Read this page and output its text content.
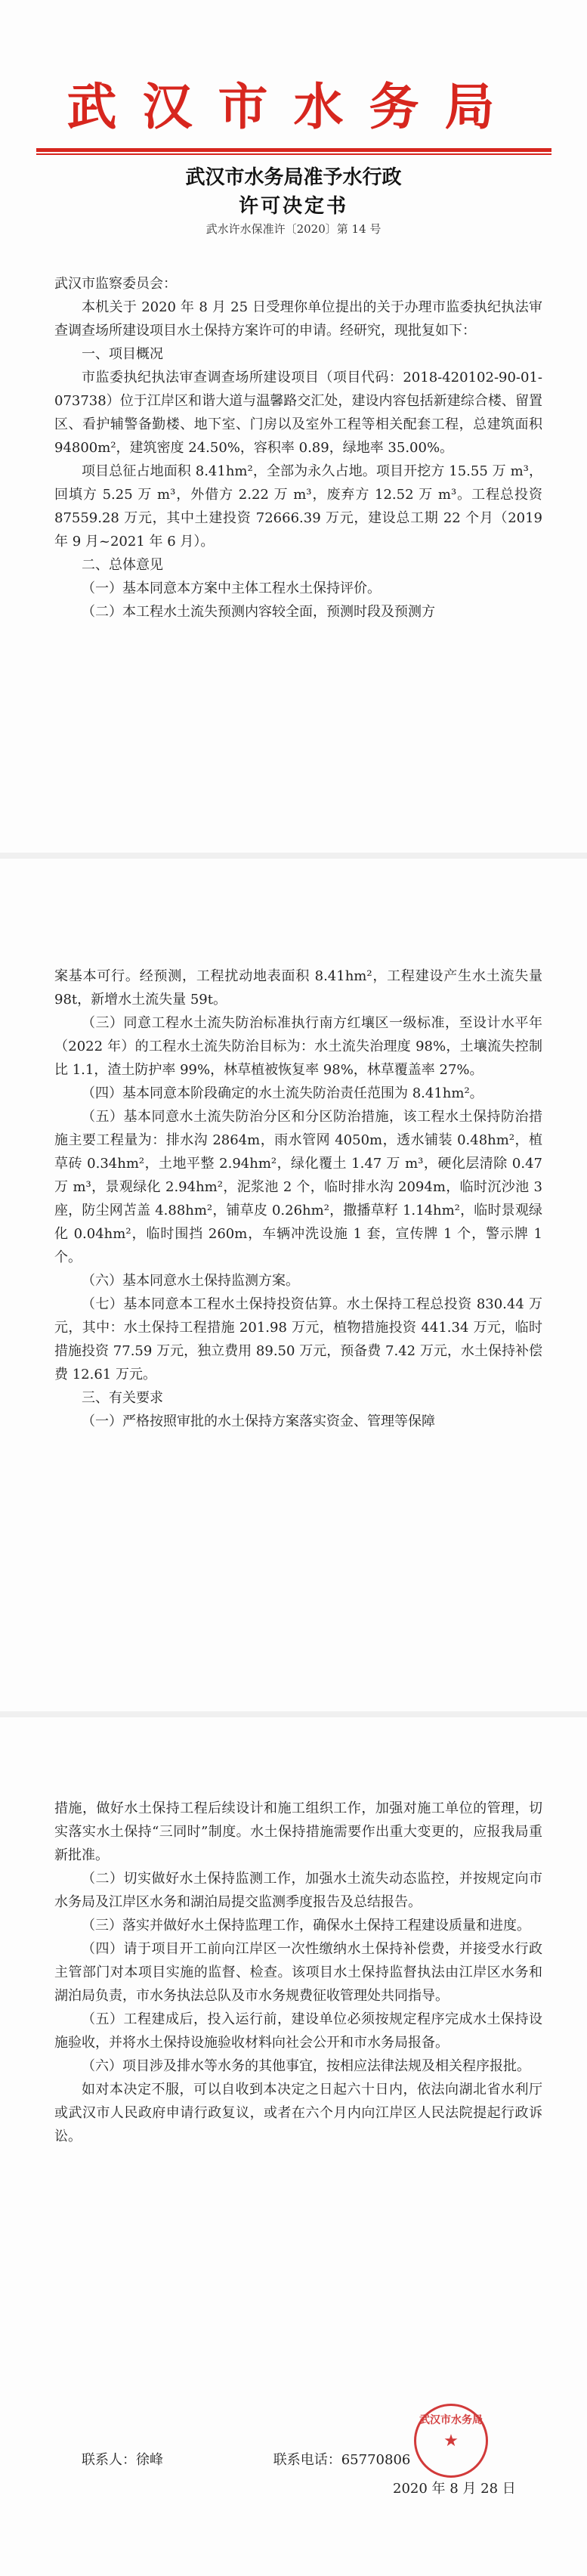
武汉市水务局
武汉市水务局准予水行政
许可决定书
武水许水保准许〔2020〕第 14 号

武汉市监察委员会：

本机关于 2020 年 8 月 25 日受理你单位提出的关于办理市监委执纪执法审查调查场所建设项目水土保持方案许可的申请。经研究，现批复如下：

一、项目概况

市监委执纪执法审查调查场所建设项目（项目代码：2018-420102-90-01-073738）位于江岸区和谐大道与温馨路交汇处，建设内容包括新建综合楼、留置区、看护辅警备勤楼、地下室、门房以及室外工程等相关配套工程，总建筑面积 94800m²，建筑密度 24.50%，容积率 0.89，绿地率 35.00%。

项目总征占地面积 8.41hm²，全部为永久占地。项目开挖方 15.55 万 m³，回填方 5.25 万 m³，外借方 2.22 万 m³，废弃方 12.52 万 m³。工程总投资 87559.28 万元，其中土建投资 72666.39 万元，建设总工期 22 个月（2019 年 9 月~2021 年 6 月）。

二、总体意见

（一）基本同意本方案中主体工程水土保持评价。

（二）本工程水土流失预测内容较全面，预测时段及预测方

案基本可行。经预测，工程扰动地表面积 8.41hm²，工程建设产生水土流失量 98t，新增水土流失量 59t。

（三）同意工程水土流失防治标准执行南方红壤区一级标准，至设计水平年（2022 年）的工程水土流失防治目标为：水土流失治理度 98%，土壤流失控制比 1.1，渣土防护率 99%，林草植被恢复率 98%，林草覆盖率 27%。

（四）基本同意本阶段确定的水土流失防治责任范围为 8.41hm²。

（五）基本同意水土流失防治分区和分区防治措施，该工程水土保持防治措施主要工程量为：排水沟 2864m，雨水管网 4050m，透水铺装 0.48hm²，植草砖 0.34hm²，土地平整 2.94hm²，绿化覆土 1.47 万 m³，硬化层清除 0.47 万 m³，景观绿化 2.94hm²，泥浆池 2 个，临时排水沟 2094m，临时沉沙池 3 座，防尘网苫盖 4.88hm²，铺草皮 0.26hm²，撒播草籽 1.14hm²，临时景观绿化 0.04hm²，临时围挡 260m，车辆冲洗设施 1 套，宣传牌 1 个，警示牌 1 个。

（六）基本同意水土保持监测方案。

（七）基本同意本工程水土保持投资估算。水土保持工程总投资 830.44 万元，其中：水土保持工程措施 201.98 万元，植物措施投资 441.34 万元，临时措施投资 77.59 万元，独立费用 89.50 万元，预备费 7.42 万元，水土保持补偿费 12.61 万元。

三、有关要求

（一）严格按照审批的水土保持方案落实资金、管理等保障

措施，做好水土保持工程后续设计和施工组织工作，加强对施工单位的管理，切实落实水土保持“三同时”制度。水土保持措施需要作出重大变更的，应报我局重新批准。

（二）切实做好水土保持监测工作，加强水土流失动态监控，并按规定向市水务局及江岸区水务和湖泊局提交监测季度报告及总结报告。

（三）落实并做好水土保持监理工作，确保水土保持工程建设质量和进度。

（四）请于项目开工前向江岸区一次性缴纳水土保持补偿费，并接受水行政主管部门对本项目实施的监督、检查。该项目水土保持监督执法由江岸区水务和湖泊局负责，市水务执法总队及市水务规费征收管理处共同指导。

（五）工程建成后，投入运行前，建设单位必须按规定程序完成水土保持设施验收，并将水土保持设施验收材料向社会公开和市水务局报备。

（六）项目涉及排水等水务的其他事宜，按相应法律法规及相关程序报批。

如对本决定不服，可以自收到本决定之日起六十日内，依法向湖北省水利厅或武汉市人民政府申请行政复议，或者在六个月内向江岸区人民法院提起行政诉讼。

联系人：徐峰	联系电话：65770806
武汉市水务局
★
2020 年 8 月 28 日
